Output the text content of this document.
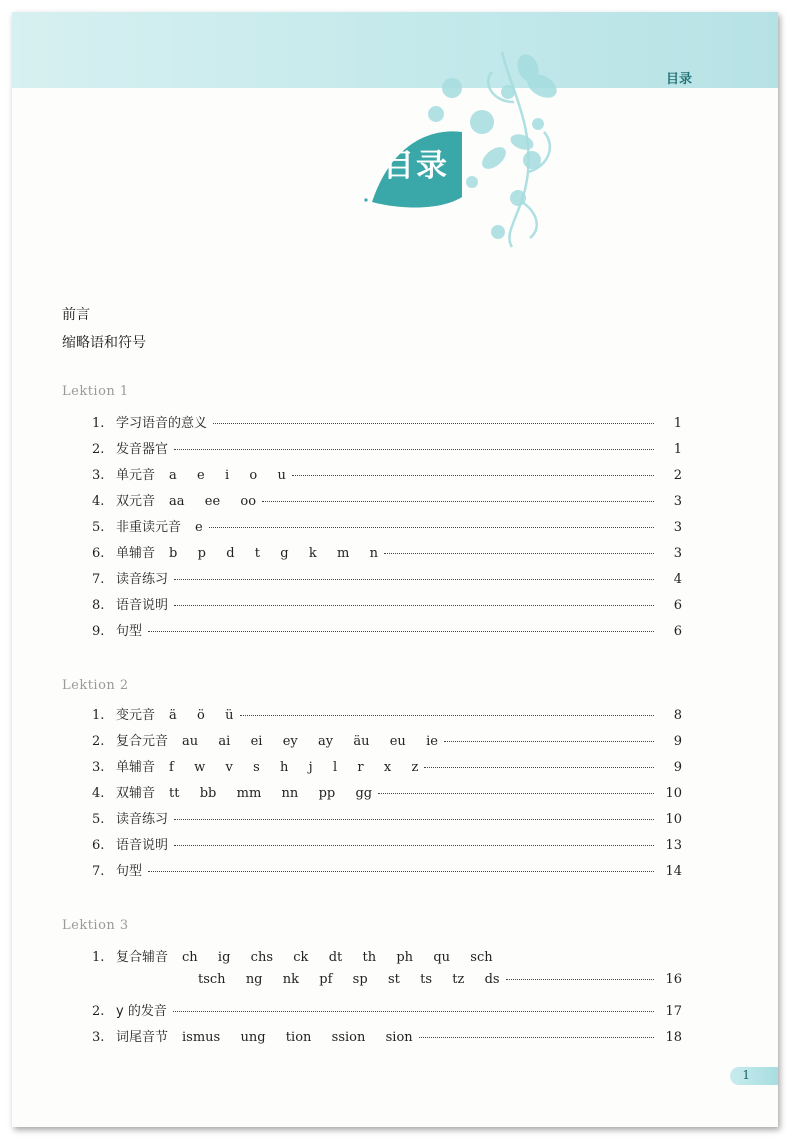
目录
目录
前言
缩略语和符号
Lektion 1
1. 学习语音的意义	1
2. 发音器官	1
3. 单元音 a  e  i  o  u	2
4. 双元音 aa  ee  oo	3
5. 非重读元音 e	3
6. 单辅音 b  p  d  t  g  k  m  n	3
7. 读音练习	4
8. 语音说明	6
9. 句型	6
Lektion 2
1. 变元音 ä  ö  ü	8
2. 复合元音 au  ai  ei  ey  ay  äu  eu  ie	9
3. 单辅音 f  w  v  s  h  j  l  r  x  z	9
4. 双辅音 tt  bb  mm  nn  pp  gg	10
5. 读音练习	10
6. 语音说明	13
7. 句型	14
Lektion 3
1. 复合辅音 ch  ig  chs  ck  dt  th  ph  qu  sch
tsch  ng  nk  pf  sp  st  ts  tz  ds	16
2. y 的发音	17
3. 词尾音节 ismus  ung  tion  ssion  sion	18
1
